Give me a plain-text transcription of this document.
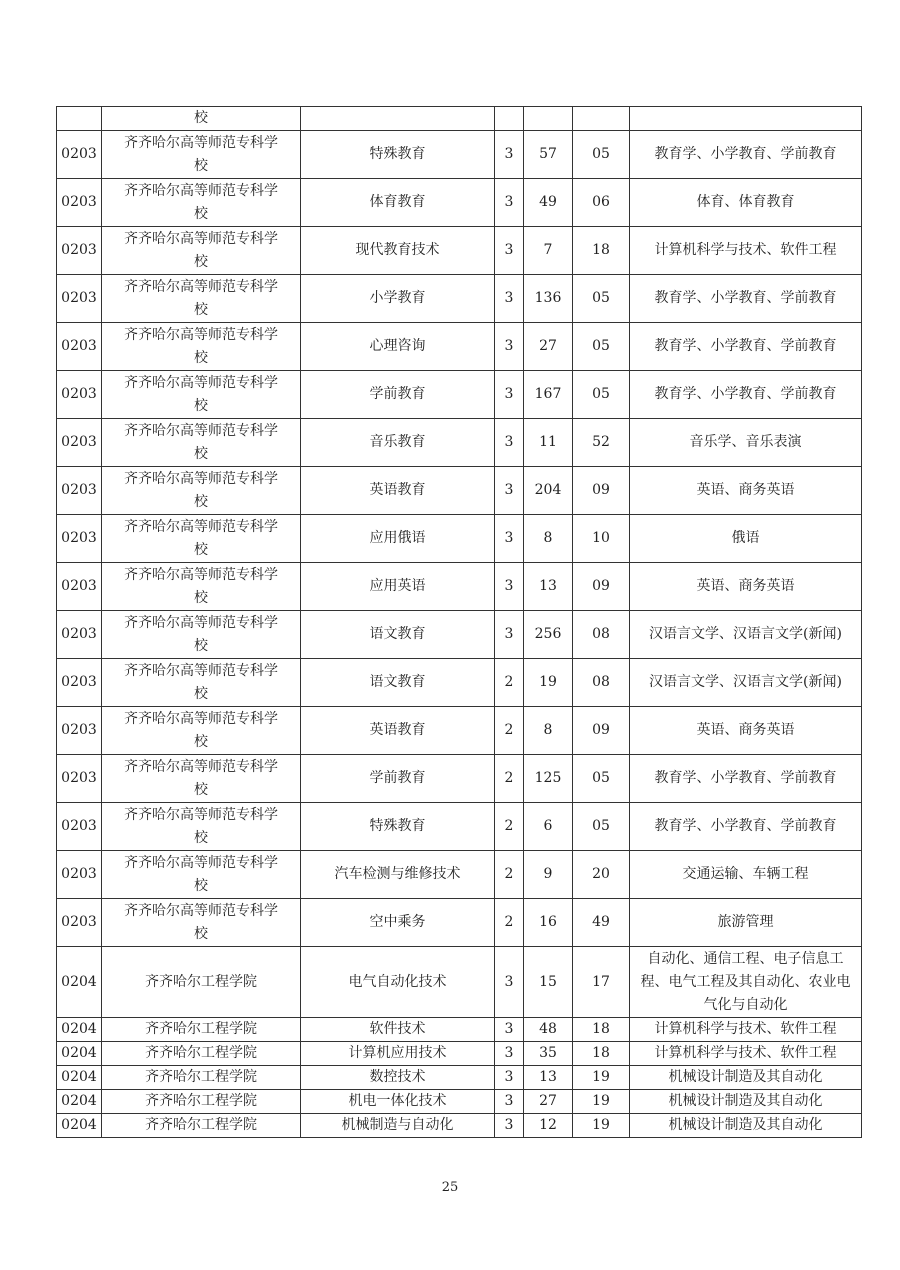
	校					
0203	齐齐哈尔高等师范专科学校	特殊教育	3	57	05	教育学、小学教育、学前教育
0203	齐齐哈尔高等师范专科学校	体育教育	3	49	06	体育、体育教育
0203	齐齐哈尔高等师范专科学校	现代教育技术	3	7	18	计算机科学与技术、软件工程
0203	齐齐哈尔高等师范专科学校	小学教育	3	136	05	教育学、小学教育、学前教育
0203	齐齐哈尔高等师范专科学校	心理咨询	3	27	05	教育学、小学教育、学前教育
0203	齐齐哈尔高等师范专科学校	学前教育	3	167	05	教育学、小学教育、学前教育
0203	齐齐哈尔高等师范专科学校	音乐教育	3	11	52	音乐学、音乐表演
0203	齐齐哈尔高等师范专科学校	英语教育	3	204	09	英语、商务英语
0203	齐齐哈尔高等师范专科学校	应用俄语	3	8	10	俄语
0203	齐齐哈尔高等师范专科学校	应用英语	3	13	09	英语、商务英语
0203	齐齐哈尔高等师范专科学校	语文教育	3	256	08	汉语言文学、汉语言文学(新闻)
0203	齐齐哈尔高等师范专科学校	语文教育	2	19	08	汉语言文学、汉语言文学(新闻)
0203	齐齐哈尔高等师范专科学校	英语教育	2	8	09	英语、商务英语
0203	齐齐哈尔高等师范专科学校	学前教育	2	125	05	教育学、小学教育、学前教育
0203	齐齐哈尔高等师范专科学校	特殊教育	2	6	05	教育学、小学教育、学前教育
0203	齐齐哈尔高等师范专科学校	汽车检测与维修技术	2	9	20	交通运输、车辆工程
0203	齐齐哈尔高等师范专科学校	空中乘务	2	16	49	旅游管理
0204	齐齐哈尔工程学院	电气自动化技术	3	15	17	自动化、通信工程、电子信息工程、电气工程及其自动化、农业电气化与自动化
0204	齐齐哈尔工程学院	软件技术	3	48	18	计算机科学与技术、软件工程
0204	齐齐哈尔工程学院	计算机应用技术	3	35	18	计算机科学与技术、软件工程
0204	齐齐哈尔工程学院	数控技术	3	13	19	机械设计制造及其自动化
0204	齐齐哈尔工程学院	机电一体化技术	3	27	19	机械设计制造及其自动化
0204	齐齐哈尔工程学院	机械制造与自动化	3	12	19	机械设计制造及其自动化
25
